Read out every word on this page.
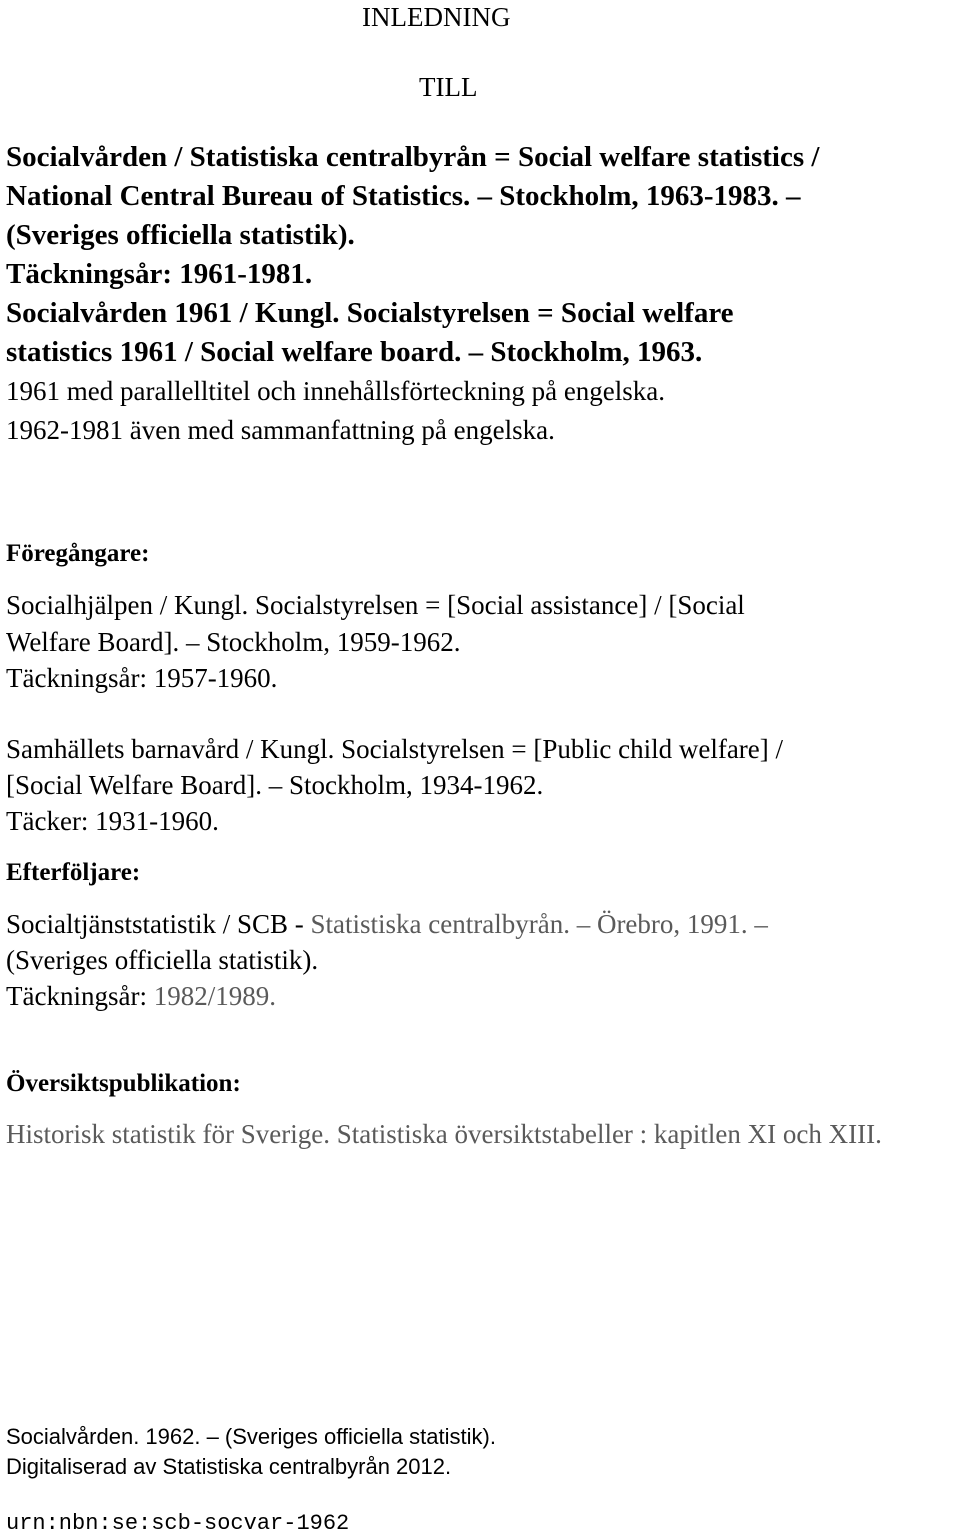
INLEDNING
TILL
Socialvården / Statistiska centralbyrån = Social welfare statistics /
National Central Bureau of Statistics. – Stockholm, 1963-1983. –
(Sveriges officiella statistik).
Täckningsår: 1961-1981.
Socialvården 1961 / Kungl. Socialstyrelsen = Social welfare
statistics 1961 / Social welfare board. – Stockholm, 1963.
1961 med parallelltitel och innehållsförteckning på engelska.
1962-1981 även med sammanfattning på engelska.
Föregångare:
Socialhjälpen / Kungl. Socialstyrelsen = [Social assistance] / [Social
Welfare Board]. – Stockholm, 1959-1962.
Täckningsår: 1957-1960.
Samhällets barnavård / Kungl. Socialstyrelsen = [Public child welfare] /
[Social Welfare Board]. – Stockholm, 1934-1962.
Täcker: 1931-1960.
Efterföljare:
Socialtjänststatistik / SCB - Statistiska centralbyrån. – Örebro, 1991. –
(Sveriges officiella statistik).
Täckningsår: 1982/1989.
Översiktspublikation:
Historisk statistik för Sverige. Statistiska översiktstabeller : kapitlen XI och XIII.
Socialvården. 1962. – (Sveriges officiella statistik).
Digitaliserad av Statistiska centralbyrån 2012.
urn:nbn:se:scb-socvar-1962
